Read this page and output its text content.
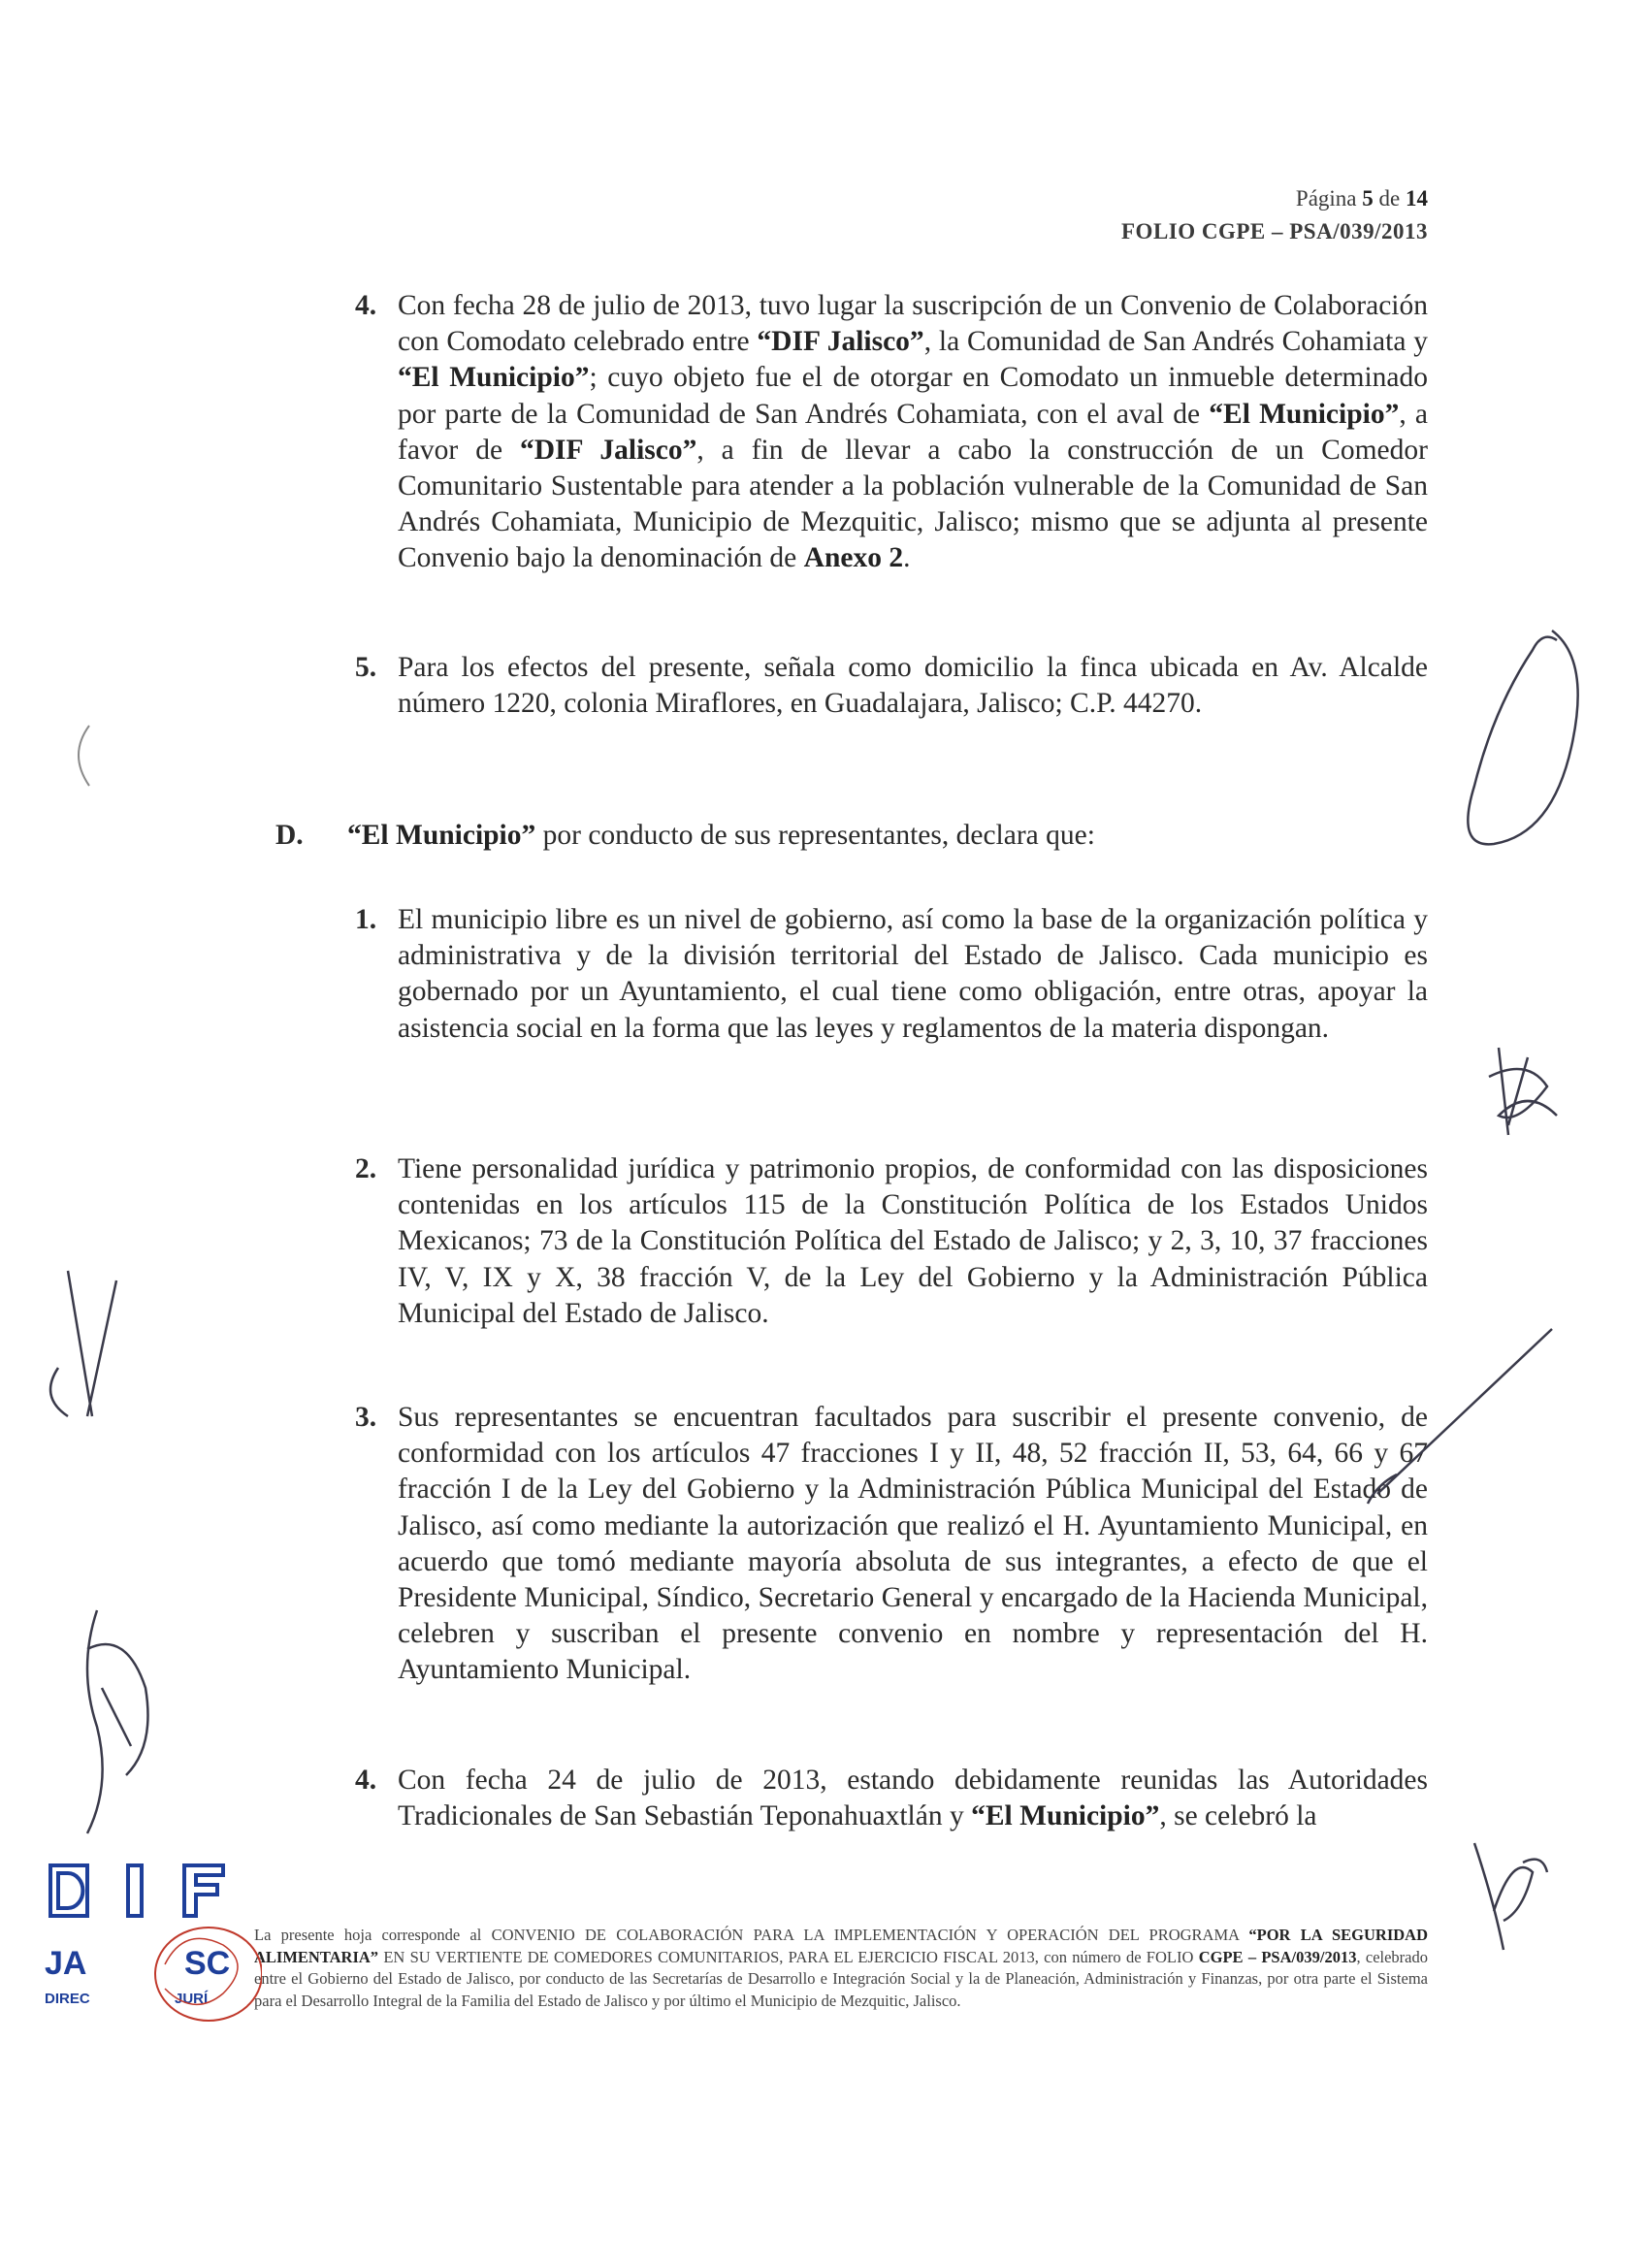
Página 5 de 14
FOLIO CGPE – PSA/039/2013
4. Con fecha 28 de julio de 2013, tuvo lugar la suscripción de un Convenio de Colaboración con Comodato celebrado entre “DIF Jalisco”, la Comunidad de San Andrés Cohamiata y “El Municipio”; cuyo objeto fue el de otorgar en Comodato un inmueble determinado por parte de la Comunidad de San Andrés Cohamiata, con el aval de “El Municipio”, a favor de “DIF Jalisco”, a fin de llevar a cabo la construcción de un Comedor Comunitario Sustentable para atender a la población vulnerable de la Comunidad de San Andrés Cohamiata, Municipio de Mezquitic, Jalisco; mismo que se adjunta al presente Convenio bajo la denominación de Anexo 2.
5. Para los efectos del presente, señala como domicilio la finca ubicada en Av. Alcalde número 1220, colonia Miraflores, en Guadalajara, Jalisco; C.P. 44270.
D. “El Municipio” por conducto de sus representantes, declara que:
1. El municipio libre es un nivel de gobierno, así como la base de la organización política y administrativa y de la división territorial del Estado de Jalisco. Cada municipio es gobernado por un Ayuntamiento, el cual tiene como obligación, entre otras, apoyar la asistencia social en la forma que las leyes y reglamentos de la materia dispongan.
2. Tiene personalidad jurídica y patrimonio propios, de conformidad con las disposiciones contenidas en los artículos 115 de la Constitución Política de los Estados Unidos Mexicanos; 73 de la Constitución Política del Estado de Jalisco; y 2, 3, 10, 37 fracciones IV, V, IX y X, 38 fracción V, de la Ley del Gobierno y la Administración Pública Municipal del Estado de Jalisco.
3. Sus representantes se encuentran facultados para suscribir el presente convenio, de conformidad con los artículos 47 fracciones I y II, 48, 52 fracción II, 53, 64, 66 y 67 fracción I de la Ley del Gobierno y la Administración Pública Municipal del Estado de Jalisco, así como mediante la autorización que realizó el H. Ayuntamiento Municipal, en acuerdo que tomó mediante mayoría absoluta de sus integrantes, a efecto de que el Presidente Municipal, Síndico, Secretario General y encargado de la Hacienda Municipal, celebren y suscriban el presente convenio en nombre y representación del H. Ayuntamiento Municipal.
4. Con fecha 24 de julio de 2013, estando debidamente reunidas las Autoridades Tradicionales de San Sebastián Teponahuaxtlán y “El Municipio”, se celebró la
La presente hoja corresponde al CONVENIO DE COLABORACIÓN PARA LA IMPLEMENTACIÓN Y OPERACIÓN DEL PROGRAMA “POR LA SEGURIDAD ALIMENTARIA” EN SU VERTIENTE DE COMEDORES COMUNITARIOS, PARA EL EJERCICIO FISCAL 2013, con número de FOLIO CGPE – PSA/039/2013, celebrado entre el Gobierno del Estado de Jalisco, por conducto de las Secretarías de Desarrollo e Integración Social y la de Planeación, Administración y Finanzas, por otra parte el Sistema para el Desarrollo Integral de la Familia del Estado de Jalisco y por último el Municipio de Mezquitic, Jalisco.
JA	SC
DIREC	JURÍ
